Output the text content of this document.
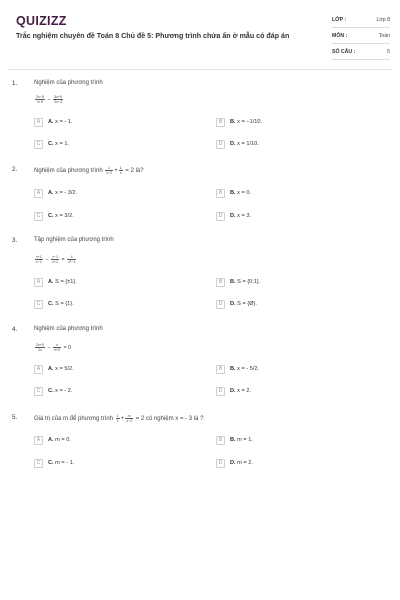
QUIZIZZ
Trắc nghiệm chuyên đề Toán 8 Chủ đề 5: Phương trình chứa ẩn ở mẫu có đáp án
LỚP :	Lớp 8
MÔN :	Toán
SỐ CÂU :	5
1.	Nghiệm của phương trình
$\frac{2x-5}{x+5} - \frac{3x+5}{2x-4}$
A	A. x = - 1.	B	B. x = −1/10.
C	C. x = 1.	D	D. x = 1/10.
2.	Nghiệm của phương trình $\frac{1}{x-2} + \frac{1}{x} = 2$ là?
A	A. x = - 3/2.	B	B. x = 0.
C	C. x = 3/2.	D	D. x = 3.
3.	Tập nghiệm của phương trình
$\frac{x+1}{x-1} - \frac{x-1}{x+1} = \frac{4}{\text{x²−1}}$
A	A. S = {±1}.	B	B. S = {0;1}.
C	C. S = {1}.	D	D. S = {Ø}.
4.	Nghiệm của phương trình
$\frac{2x+5}{2x} - \frac{x}{x+5} = 0$
A	A. x = 5/2.	B	B. x = - 5/2.
C	C. x = - 2.	D	D. x = 2.
5.	Giá trị của m để phương trình $\frac{1}{x} + \frac{m}{x-2} = 2$ có nghiệm x = - 3 là ?
A	A. m = 0.	B	B. m = 1.
C	C. m = - 1.	D	D. m = 2.
